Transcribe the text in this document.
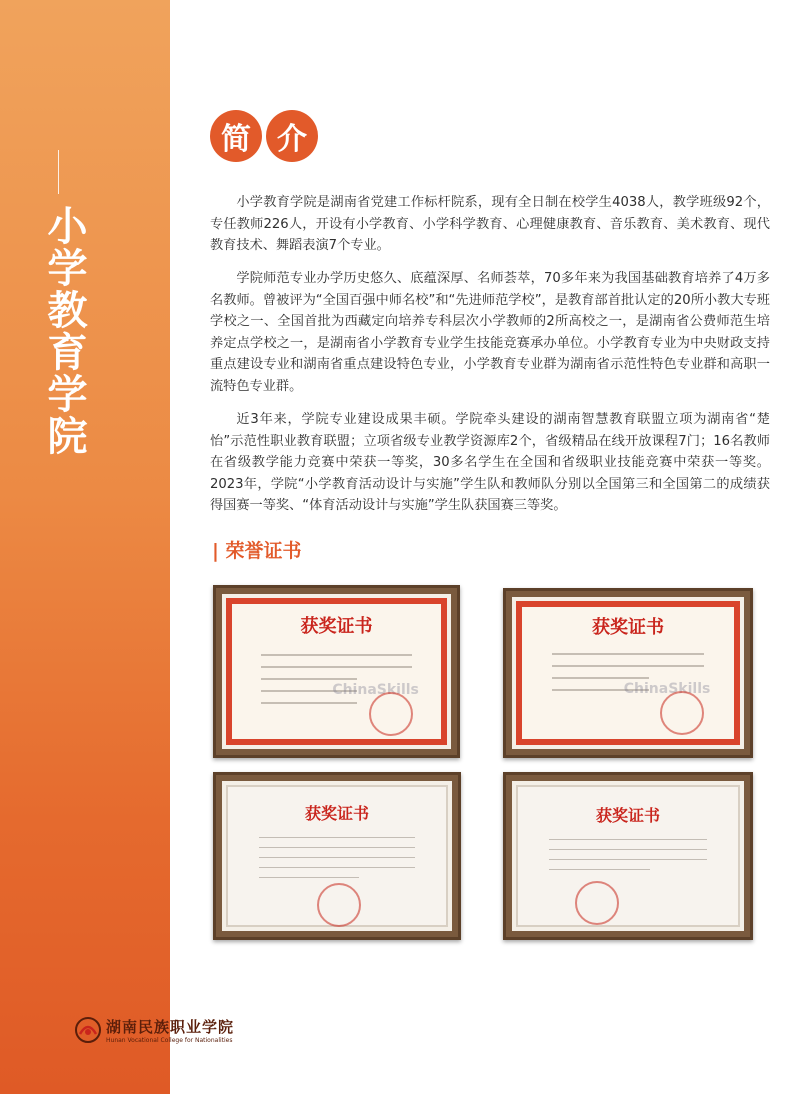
小学教育学院
湖南民族职业学院
Hunan Vocational College for Nationalities
简 介

小学教育学院是湖南省党建工作标杆院系，现有全日制在校学生4038人，教学班级92个，专任教师226人，开设有小学教育、小学科学教育、心理健康教育、音乐教育、美术教育、现代教育技术、舞蹈表演7个专业。

学院师范专业办学历史悠久、底蕴深厚、名师荟萃，70多年来为我国基础教育培养了4万多名教师。曾被评为“全国百强中师名校”和“先进师范学校”，是教育部首批认定的20所小教大专班学校之一、全国首批为西藏定向培养专科层次小学教师的2所高校之一，是湖南省公费师范生培养定点学校之一，是湖南省小学教育专业学生技能竞赛承办单位。小学教育专业为中央财政支持重点建设专业和湖南省重点建设特色专业，小学教育专业群为湖南省示范性特色专业群和高职一流特色专业群。

近3年来，学院专业建设成果丰硕。学院牵头建设的湖南智慧教育联盟立项为湖南省“楚怡”示范性职业教育联盟；立项省级专业教学资源库2个，省级精品在线开放课程7门；16名教师在省级教学能力竞赛中荣获一等奖，30多名学生在全国和省级职业技能竞赛中荣获一等奖。2023年，学院“小学教育活动设计与实施”学生队和教师队分别以全国第三和全国第二的成绩获得国赛一等奖、“体育活动设计与实施”学生队获国赛三等奖。

| 荣誉证书
获奖证书
ChinaSkills
获奖证书
ChinaSkills
获奖证书	获奖证书
